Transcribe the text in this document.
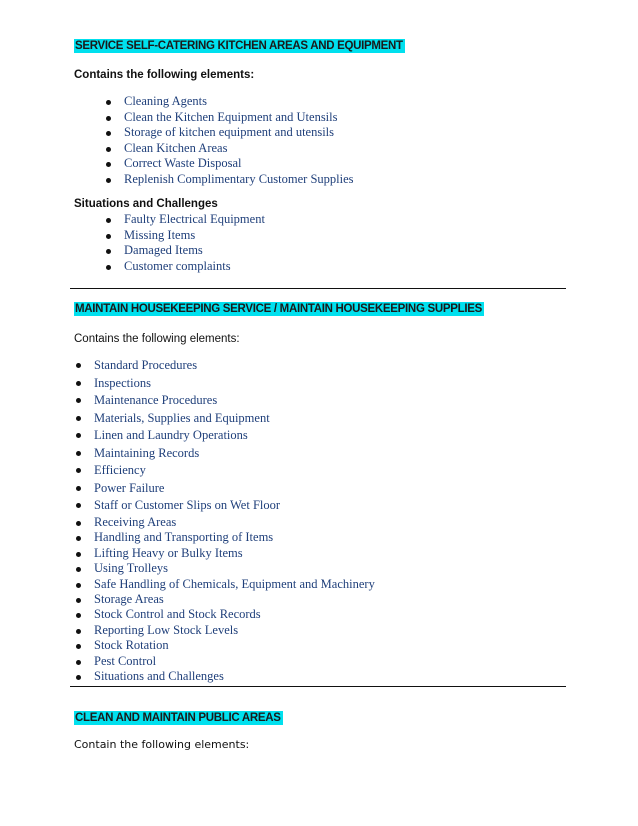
SERVICE SELF-CATERING KITCHEN AREAS AND EQUIPMENT
Contains the following elements:
Cleaning Agents
Clean the Kitchen Equipment and Utensils
Storage of kitchen equipment and utensils
Clean Kitchen Areas
Correct Waste Disposal
Replenish Complimentary Customer Supplies
Situations and Challenges
Faulty Electrical Equipment
Missing Items
Damaged Items
Customer complaints
MAINTAIN HOUSEKEEPING SERVICE / MAINTAIN HOUSEKEEPING SUPPLIES
Contains the following elements:
Standard Procedures
Inspections
Maintenance Procedures
Materials, Supplies and Equipment
Linen and Laundry Operations
Maintaining Records
Efficiency
Power Failure
Staff or Customer Slips on Wet Floor
Receiving Areas
Handling and Transporting of Items
Lifting Heavy or Bulky Items
Using Trolleys
Safe Handling of Chemicals, Equipment and Machinery
Storage Areas
Stock Control and Stock Records
Reporting Low Stock Levels
Stock Rotation
Pest Control
Situations and Challenges
CLEAN AND MAINTAIN PUBLIC AREAS
Contain the following elements:
